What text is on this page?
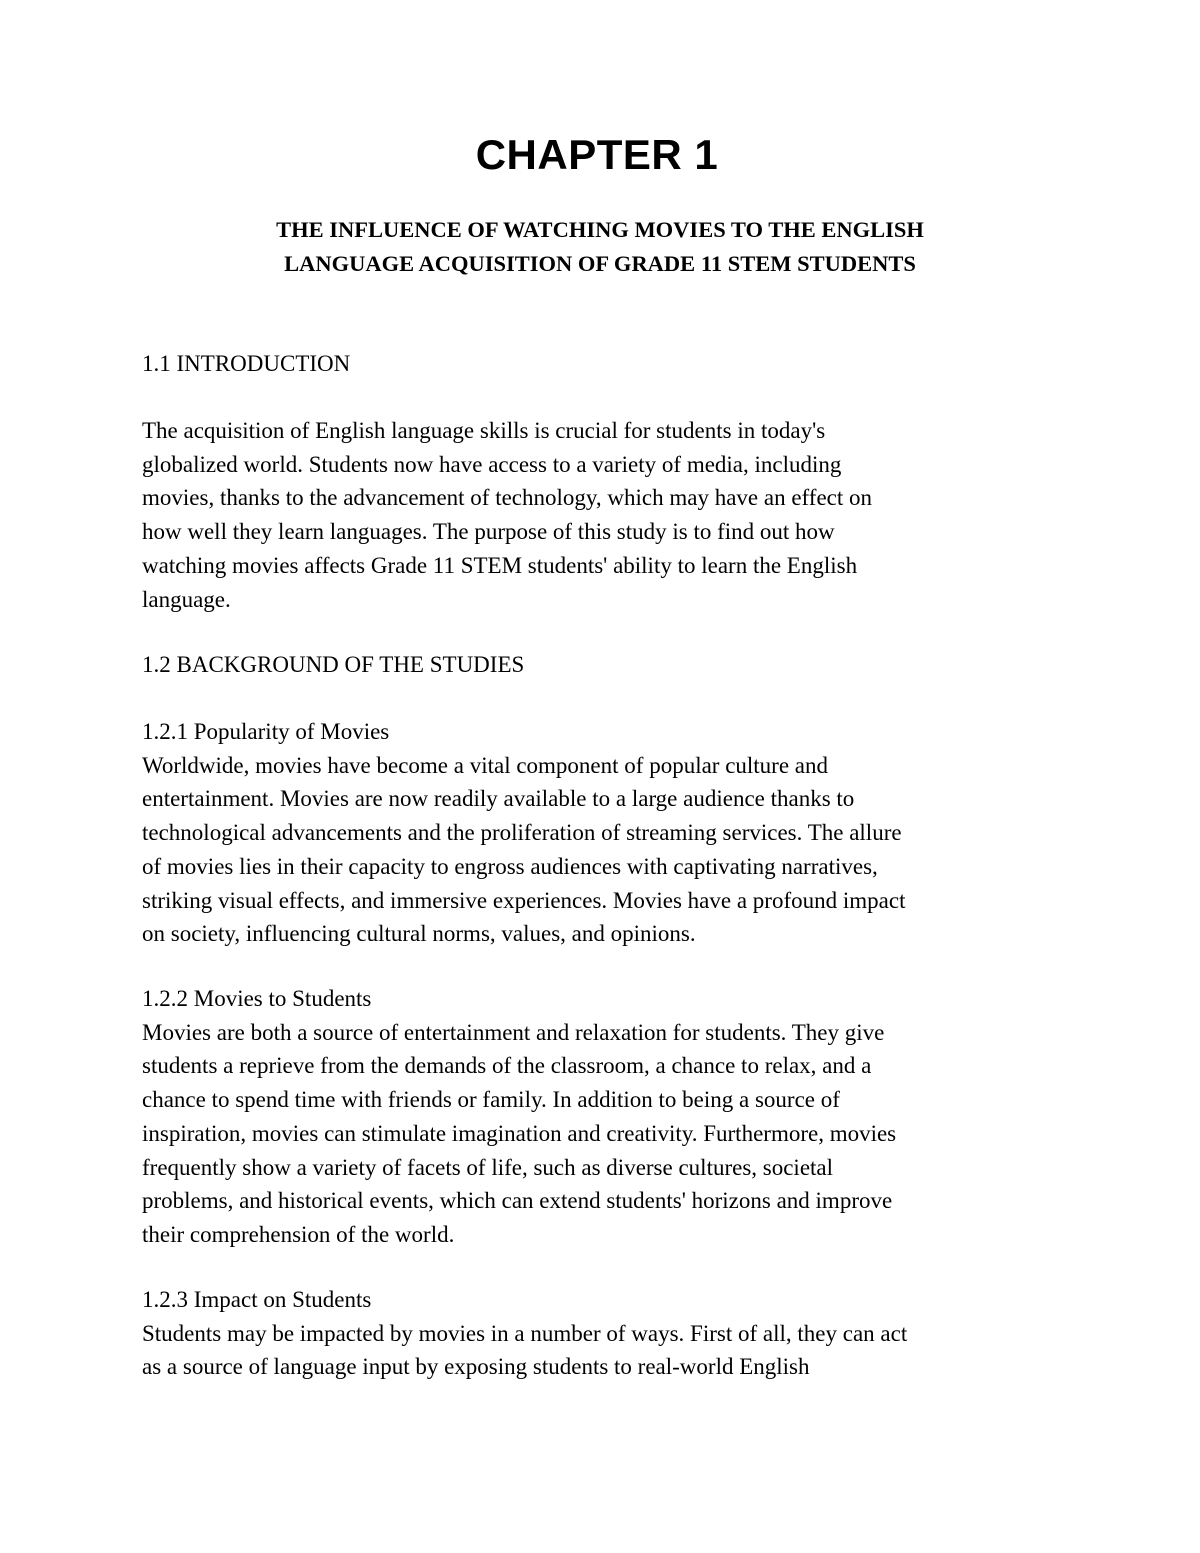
CHAPTER 1
THE INFLUENCE OF WATCHING MOVIES TO THE ENGLISH
LANGUAGE ACQUISITION OF GRADE 11 STEM STUDENTS
1.1 INTRODUCTION
The acquisition of English language skills is crucial for students in today's
globalized world. Students now have access to a variety of media, including
movies, thanks to the advancement of technology, which may have an effect on
how well they learn languages. The purpose of this study is to find out how
watching movies affects Grade 11 STEM students' ability to learn the English
language.
1.2 BACKGROUND OF THE STUDIES
1.2.1 Popularity of Movies
Worldwide, movies have become a vital component of popular culture and
entertainment. Movies are now readily available to a large audience thanks to
technological advancements and the proliferation of streaming services. The allure
of movies lies in their capacity to engross audiences with captivating narratives,
striking visual effects, and immersive experiences. Movies have a profound impact
on society, influencing cultural norms, values, and opinions.
1.2.2 Movies to Students
Movies are both a source of entertainment and relaxation for students. They give
students a reprieve from the demands of the classroom, a chance to relax, and a
chance to spend time with friends or family. In addition to being a source of
inspiration, movies can stimulate imagination and creativity. Furthermore, movies
frequently show a variety of facets of life, such as diverse cultures, societal
problems, and historical events, which can extend students' horizons and improve
their comprehension of the world.
1.2.3 Impact on Students
Students may be impacted by movies in a number of ways. First of all, they can act
as a source of language input by exposing students to real-world English
